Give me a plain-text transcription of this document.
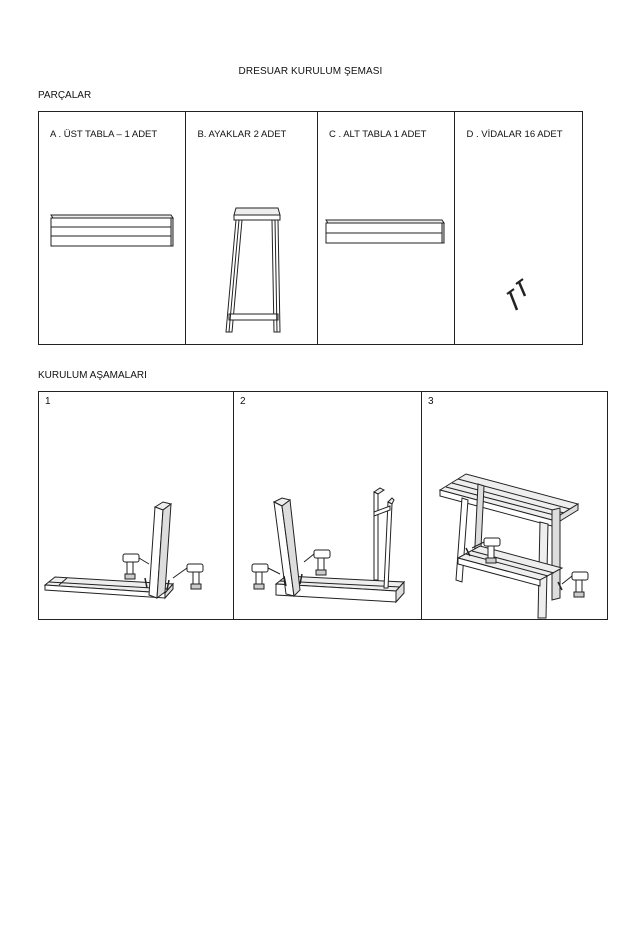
DRESUAR KURULUM ŞEMASI
PARÇALAR
A . ÜST TABLA – 1 ADET	B. AYAKLAR 2 ADET	C . ALT TABLA 1 ADET	D . VİDALAR 16 ADET
KURULUM AŞAMALARI
1	2	3
